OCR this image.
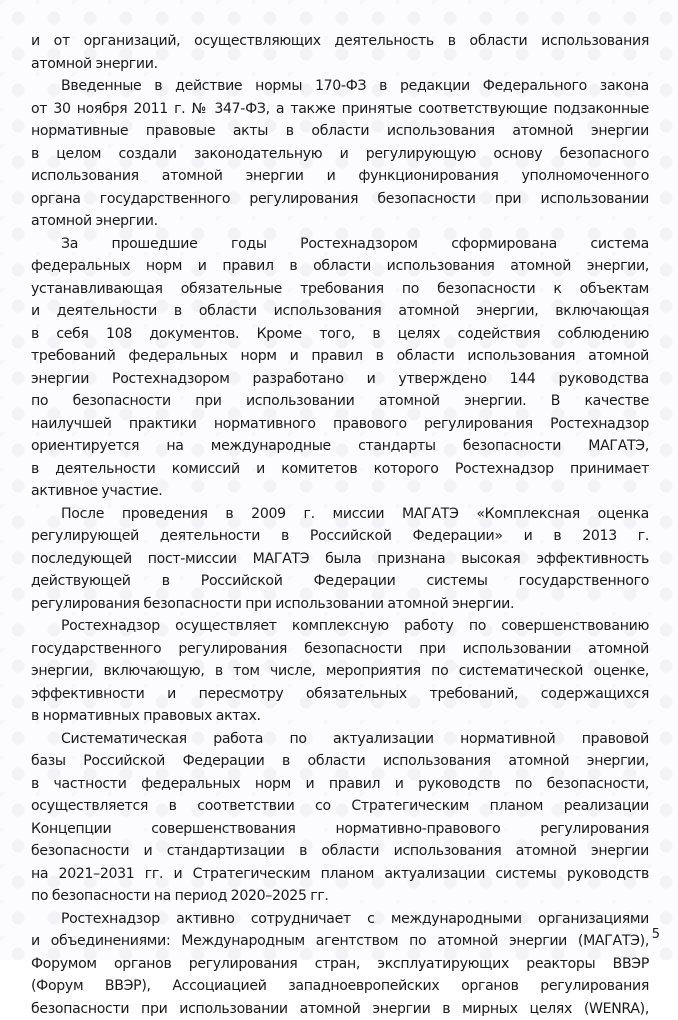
и от организаций, осуществляющих деятельность в области использования
атомной энергии.
Введенные в действие нормы 170-ФЗ в редакции Федерального закона
от 30 ноября 2011 г. № 347-ФЗ, а также принятые соответствующие подзаконные
нормативные правовые акты в области использования атомной энергии
в целом создали законодательную и регулирующую основу безопасного
использования атомной энергии и функционирования уполномоченного
органа государственного регулирования безопасности при использовании
атомной энергии.
За прошедшие годы Ростехнадзором сформирована система
федеральных норм и правил в области использования атомной энергии,
устанавливающая обязательные требования по безопасности к объектам
и деятельности в области использования атомной энергии, включающая
в себя 108 документов. Кроме того, в целях содействия соблюдению
требований федеральных норм и правил в области использования атомной
энергии Ростехнадзором разработано и утверждено 144 руководства
по безопасности при использовании атомной энергии. В качестве
наилучшей практики нормативного правового регулирования Ростехнадзор
ориентируется на международные стандарты безопасности МАГАТЭ,
в деятельности комиссий и комитетов которого Ростехнадзор принимает
активное участие.
После проведения в 2009 г. миссии МАГАТЭ «Комплексная оценка
регулирующей деятельности в Российской Федерации» и в 2013 г.
последующей пост-миссии МАГАТЭ была признана высокая эффективность
действующей в Российской Федерации системы государственного
регулирования безопасности при использовании атомной энергии.
Ростехнадзор осуществляет комплексную работу по совершенствованию
государственного регулирования безопасности при использовании атомной
энергии, включающую, в том числе, мероприятия по систематической оценке,
эффективности и пересмотру обязательных требований, содержащихся
в нормативных правовых актах.
Систематическая работа по актуализации нормативной правовой
базы Российской Федерации в области использования атомной энергии,
в частности федеральных норм и правил и руководств по безопасности,
осуществляется в соответствии со Стратегическим планом реализации
Концепции совершенствования нормативно-правового регулирования
безопасности и стандартизации в области использования атомной энергии
на 2021–2031 гг. и Стратегическим планом актуализации системы руководств
по безопасности на период 2020–2025 гг.
Ростехнадзор активно сотрудничает с международными организациями
и объединениями: Международным агентством по атомной энергии (МАГАТЭ),
Форумом органов регулирования стран, эксплуатирующих реакторы ВВЭР
(Форум ВВЭР), Ассоциацией западноевропейских органов регулирования
безопасности при использовании атомной энергии в мирных целях (WENRA),
5
